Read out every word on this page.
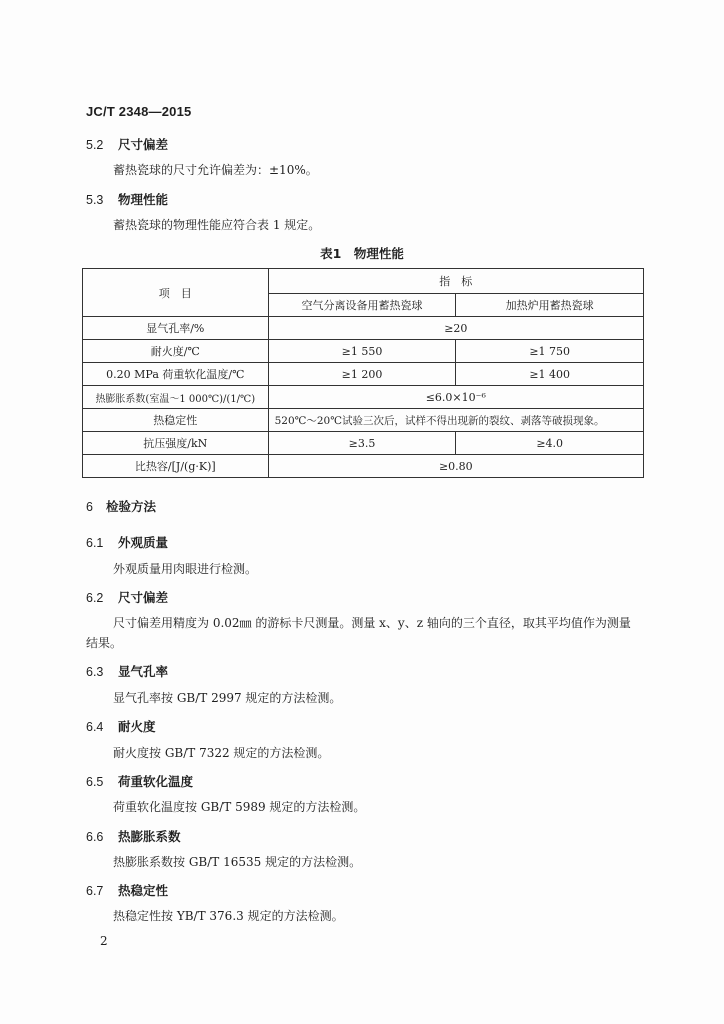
JC/T 2348—2015
5.2 尺寸偏差
蓄热瓷球的尺寸允许偏差为：±10%。
5.3 物理性能
蓄热瓷球的物理性能应符合表 1 规定。
表1　物理性能
项　目	指　标	
	空气分离设备用蓄热瓷球	加热炉用蓄热瓷球
显气孔率/%	≥20	
耐火度/℃	≥1 550	≥1 750
0.20 MPa 荷重软化温度/℃	≥1 200	≥1 400
热膨胀系数(室温～1 000℃)/(1/℃)	≤6.0×10⁻⁶	
热稳定性	520℃～20℃试验三次后，试样不得出现新的裂纹、剥落等破损现象。	
抗压强度/kN	≥3.5	≥4.0
比热容/[J/(g·K)]	≥0.80	
6 检验方法
6.1 外观质量
外观质量用肉眼进行检测。
6.2 尺寸偏差
尺寸偏差用精度为 0.02㎜ 的游标卡尺测量。测量 x、y、z 轴向的三个直径，取其平均值作为测量结果。
6.3 显气孔率
显气孔率按 GB/T 2997 规定的方法检测。
6.4 耐火度
耐火度按 GB/T 7322 规定的方法检测。
6.5 荷重软化温度
荷重软化温度按 GB/T 5989 规定的方法检测。
6.6 热膨胀系数
热膨胀系数按 GB/T 16535 规定的方法检测。
6.7 热稳定性
热稳定性按 YB/T 376.3 规定的方法检测。
2
